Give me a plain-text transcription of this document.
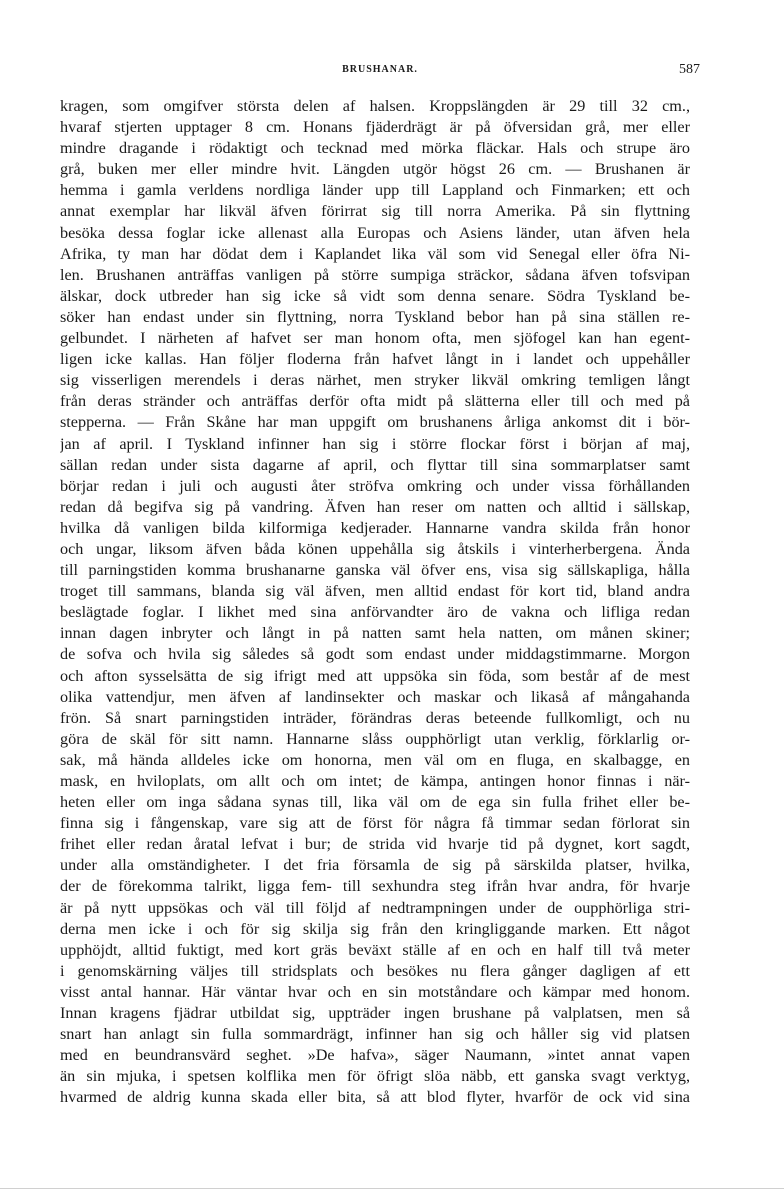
BRUSHANAR.	587
kragen, som omgifver största delen af halsen. Kroppslängden är 29 till 32 cm.,
hvaraf stjerten upptager 8 cm. Honans fjäderdrägt är på öfversidan grå, mer eller
mindre dragande i rödaktigt och tecknad med mörka fläckar. Hals och strupe äro
grå, buken mer eller mindre hvit. Längden utgör högst 26 cm. — Brushanen är
hemma i gamla verldens nordliga länder upp till Lappland och Finmarken; ett och
annat exemplar har likväl äfven förirrat sig till norra Amerika. På sin flyttning
besöka dessa foglar icke allenast alla Europas och Asiens länder, utan äfven hela
Afrika, ty man har dödat dem i Kaplandet lika väl som vid Senegal eller öfra Ni-
len. Brushanen anträffas vanligen på större sumpiga sträckor, sådana äfven tofsvipan
älskar, dock utbreder han sig icke så vidt som denna senare. Södra Tyskland be-
söker han endast under sin flyttning, norra Tyskland bebor han på sina ställen re-
gelbundet. I närheten af hafvet ser man honom ofta, men sjöfogel kan han egent-
ligen icke kallas. Han följer floderna från hafvet långt in i landet och uppehåller
sig visserligen merendels i deras närhet, men stryker likväl omkring temligen långt
från deras stränder och anträffas derför ofta midt på slätterna eller till och med på
stepperna. — Från Skåne har man uppgift om brushanens årliga ankomst dit i bör-
jan af april. I Tyskland infinner han sig i större flockar först i början af maj,
sällan redan under sista dagarne af april, och flyttar till sina sommarplatser samt
börjar redan i juli och augusti åter ströfva omkring och under vissa förhållanden
redan då begifva sig på vandring. Äfven han reser om natten och alltid i sällskap,
hvilka då vanligen bilda kilformiga kedjerader. Hannarne vandra skilda från honor
och ungar, liksom äfven båda könen uppehålla sig åtskils i vinterherbergena. Ända
till parningstiden komma brushanarne ganska väl öfver ens, visa sig sällskapliga, hålla
troget till sammans, blanda sig väl äfven, men alltid endast för kort tid, bland andra
beslägtade foglar. I likhet med sina anförvandter äro de vakna och lifliga redan
innan dagen inbryter och långt in på natten samt hela natten, om månen skiner;
de sofva och hvila sig således så godt som endast under middagstimmarne. Morgon
och afton sysselsätta de sig ifrigt med att uppsöka sin föda, som består af de mest
olika vattendjur, men äfven af landinsekter och maskar och likaså af mångahanda
frön. Så snart parningstiden inträder, förändras deras beteende fullkomligt, och nu
göra de skäl för sitt namn. Hannarne slåss oupphörligt utan verklig, förklarlig or-
sak, må hända alldeles icke om honorna, men väl om en fluga, en skalbagge, en
mask, en hviloplats, om allt och om intet; de kämpa, antingen honor finnas i när-
heten eller om inga sådana synas till, lika väl om de ega sin fulla frihet eller be-
finna sig i fångenskap, vare sig att de först för några få timmar sedan förlorat sin
frihet eller redan åratal lefvat i bur; de strida vid hvarje tid på dygnet, kort sagdt,
under alla omständigheter. I det fria församla de sig på särskilda platser, hvilka,
der de förekomma talrikt, ligga fem- till sexhundra steg ifrån hvar andra, för hvarje
är på nytt uppsökas och väl till följd af nedtrampningen under de oupphörliga stri-
derna men icke i och för sig skilja sig från den kringliggande marken. Ett något
upphöjdt, alltid fuktigt, med kort gräs beväxt ställe af en och en half till två meter
i genomskärning väljes till stridsplats och besökes nu flera gånger dagligen af ett
visst antal hannar. Här väntar hvar och en sin motståndare och kämpar med honom.
Innan kragens fjädrar utbildat sig, uppträder ingen brushane på valplatsen, men så
snart han anlagt sin fulla sommardrägt, infinner han sig och håller sig vid platsen
med en beundransvärd seghet. »De hafva», säger Naumann, »intet annat vapen
än sin mjuka, i spetsen kolflika men för öfrigt slöa näbb, ett ganska svagt verktyg,
hvarmed de aldrig kunna skada eller bita, så att blod flyter, hvarför de ock vid sina
